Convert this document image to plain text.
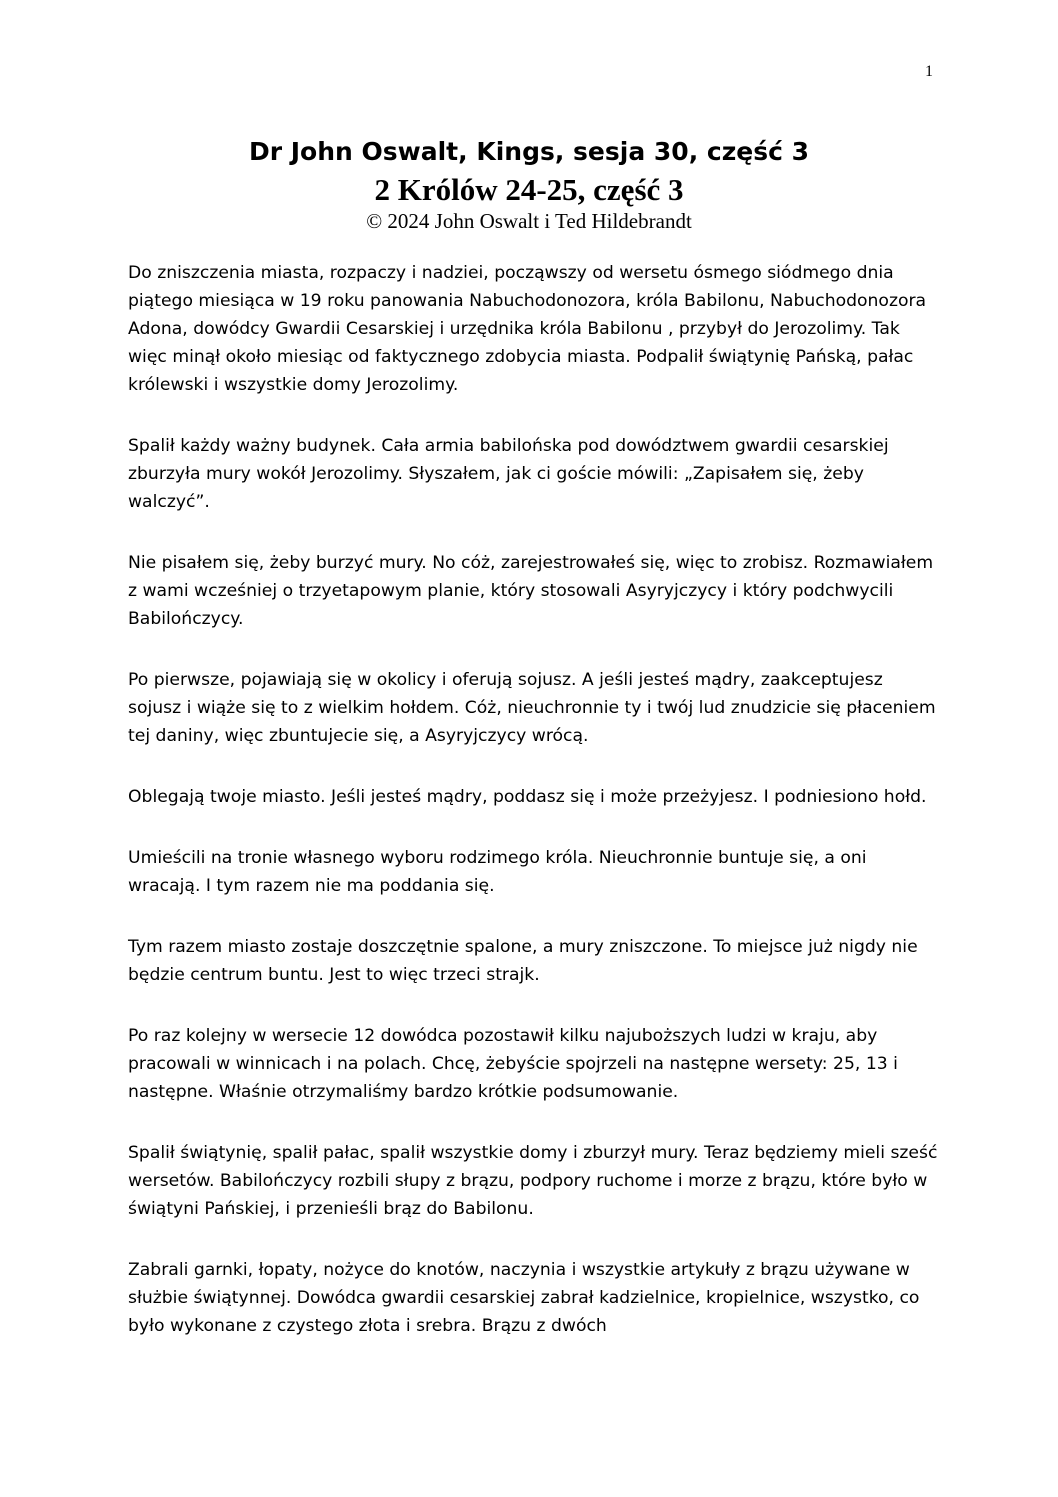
1
Dr John Oswalt, Kings, sesja 30, część 3
2 Królów 24-25, część 3
© 2024 John Oswalt i Ted Hildebrandt

Do zniszczenia miasta, rozpaczy i nadziei, począwszy od wersetu ósmego siódmego dnia piątego miesiąca w 19 roku panowania Nabuchodonozora, króla Babilonu, Nabuchodonozora Adona, dowódcy Gwardii Cesarskiej i urzędnika króla Babilonu , przybył do Jerozolimy. Tak więc minął około miesiąc od faktycznego zdobycia miasta. Podpalił świątynię Pańską, pałac królewski i wszystkie domy Jerozolimy.

Spalił każdy ważny budynek. Cała armia babilońska pod dowództwem gwardii cesarskiej zburzyła mury wokół Jerozolimy. Słyszałem, jak ci goście mówili: „Zapisałem się, żeby walczyć”.

Nie pisałem się, żeby burzyć mury. No cóż, zarejestrowałeś się, więc to zrobisz. Rozmawiałem z wami wcześniej o trzyetapowym planie, który stosowali Asyryjczycy i który podchwycili Babilończycy.

Po pierwsze, pojawiają się w okolicy i oferują sojusz. A jeśli jesteś mądry, zaakceptujesz sojusz i wiąże się to z wielkim hołdem. Cóż, nieuchronnie ty i twój lud znudzicie się płaceniem tej daniny, więc zbuntujecie się, a Asyryjczycy wrócą.

Oblegają twoje miasto. Jeśli jesteś mądry, poddasz się i może przeżyjesz. I podniesiono hołd.

Umieścili na tronie własnego wyboru rodzimego króla. Nieuchronnie buntuje się, a oni wracają. I tym razem nie ma poddania się.

Tym razem miasto zostaje doszczętnie spalone, a mury zniszczone. To miejsce już nigdy nie będzie centrum buntu. Jest to więc trzeci strajk.

Po raz kolejny w wersecie 12 dowódca pozostawił kilku najuboższych ludzi w kraju, aby pracowali w winnicach i na polach. Chcę, żebyście spojrzeli na następne wersety: 25, 13 i następne. Właśnie otrzymaliśmy bardzo krótkie podsumowanie.

Spalił świątynię, spalił pałac, spalił wszystkie domy i zburzył mury. Teraz będziemy mieli sześć wersetów. Babilończycy rozbili słupy z brązu, podpory ruchome i morze z brązu, które było w świątyni Pańskiej, i przenieśli brąz do Babilonu.

Zabrali garnki, łopaty, nożyce do knotów, naczynia i wszystkie artykuły z brązu używane w służbie świątynnej. Dowódca gwardii cesarskiej zabrał kadzielnice, kropielnice, wszystko, co było wykonane z czystego złota i srebra. Brązu z dwóch
